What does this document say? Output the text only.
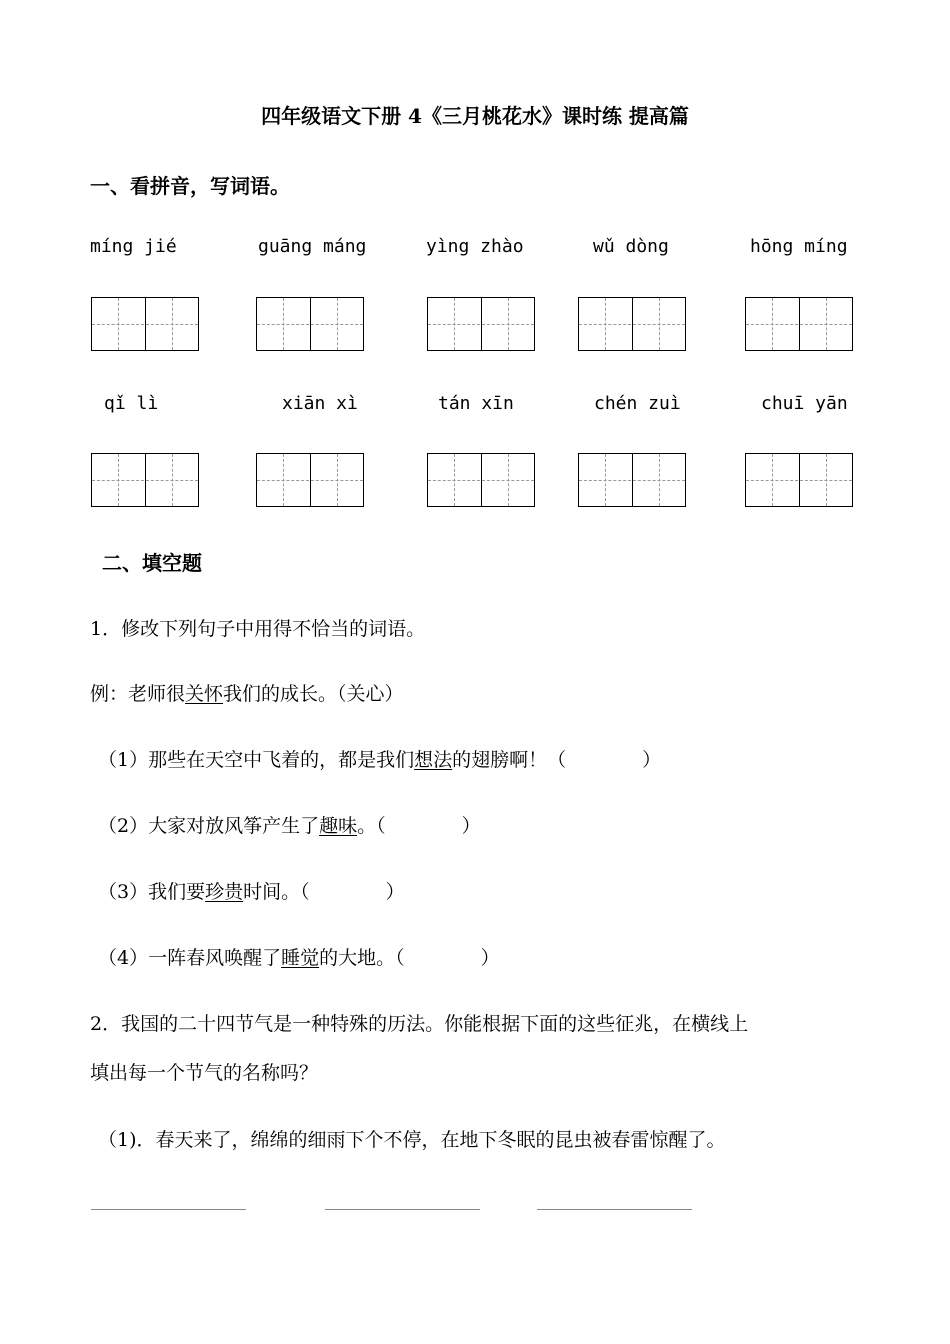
四年级语文下册 4《三月桃花水》课时练 提高篇
一、看拼音，写词语。
míng jié	guāng máng	yìng zhào	wǔ dòng	hōng míng
qǐ lì	xiān xì	tán xīn	chén zuì	chuī yān
二、填空题
1．修改下列句子中用得不恰当的词语。
例：老师很关怀我们的成长。（关心）
（1）那些在天空中飞着的，都是我们想法的翅膀啊！（　　　　）
（2）大家对放风筝产生了趣味。（　　　　）
（3）我们要珍贵时间。（　　　　）
（4）一阵春风唤醒了睡觉的大地。（　　　　）
2．我国的二十四节气是一种特殊的历法。你能根据下面的这些征兆，在横线上
填出每一个节气的名称吗？
（1)．春天来了，绵绵的细雨下个不停，在地下冬眠的昆虫被春雷惊醒了。
